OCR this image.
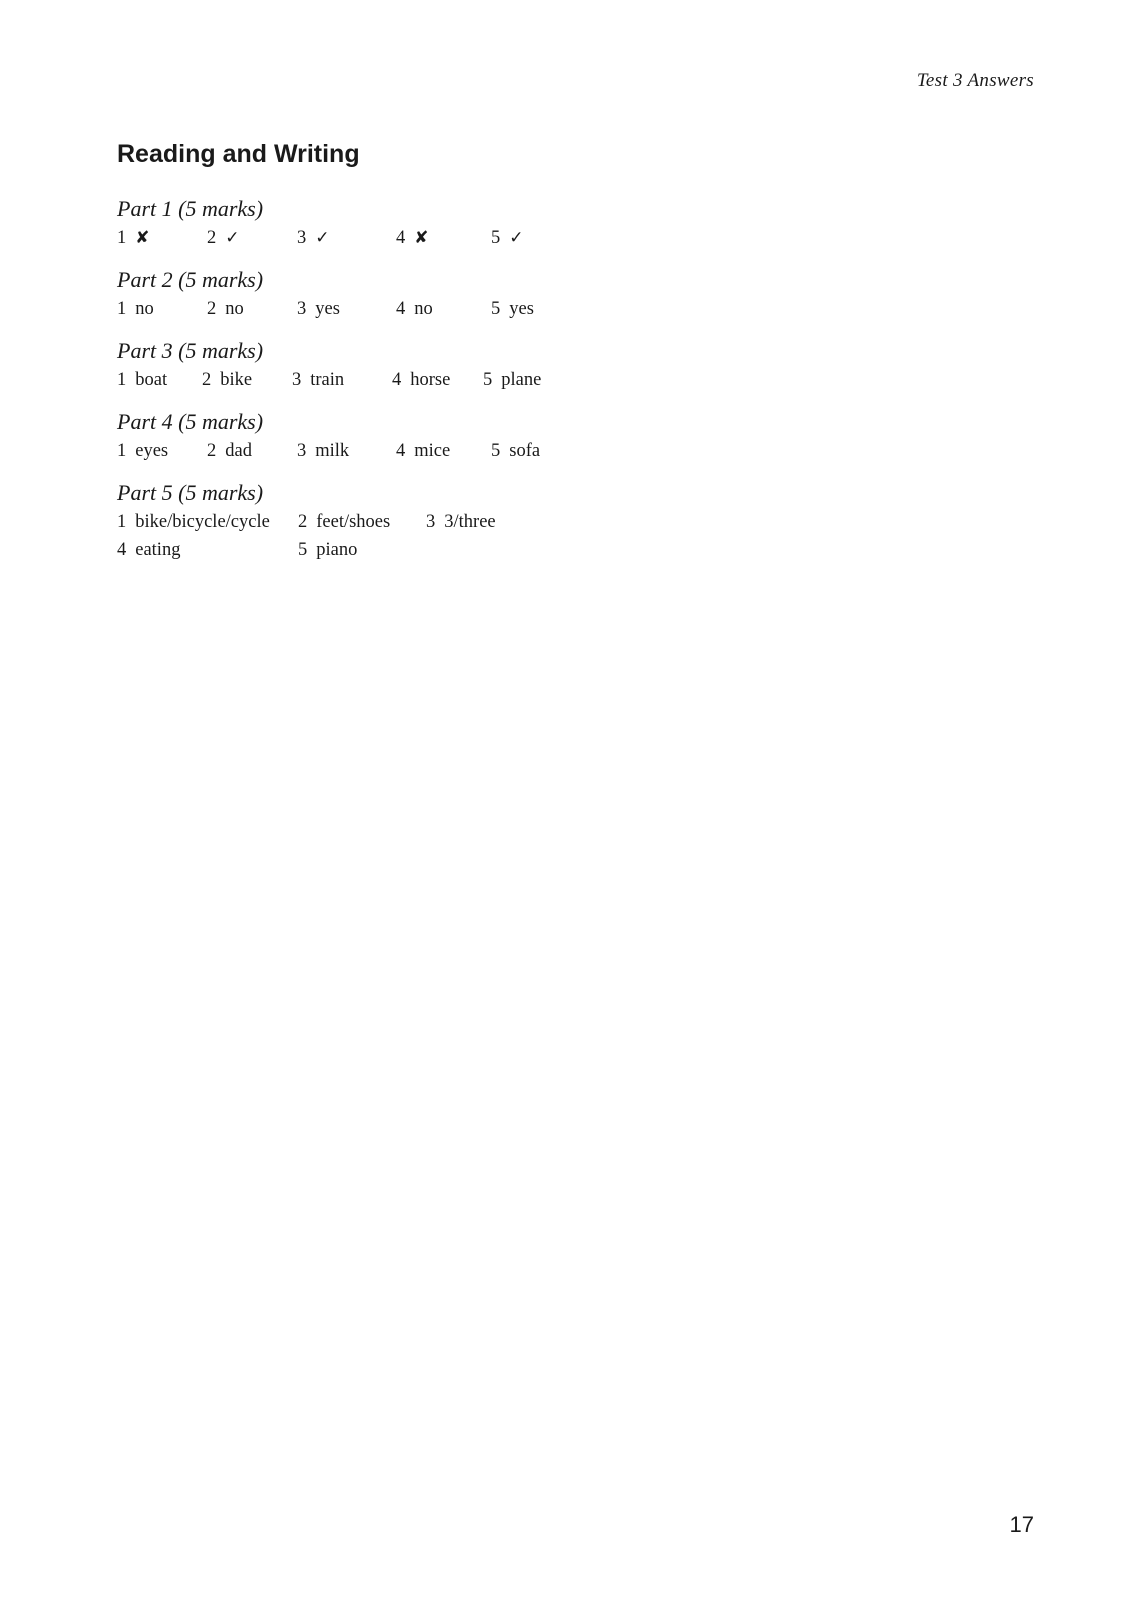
Test 3 Answers
Reading and Writing
Part 1 (5 marks)
1 ✘	2 ✓	3 ✓	4 ✘	5 ✓
Part 2 (5 marks)
1 no	2 no	3 yes	4 no	5 yes
Part 3 (5 marks)
1 boat 2 bike 3 train	4 horse 5 plane
Part 4 (5 marks)
1 eyes 2 dad 3 milk	4 mice 5 sofa
Part 5 (5 marks)
1 bike/bicycle/cycle 2 feet/shoes 3 3/three
4 eating	5 piano
17
